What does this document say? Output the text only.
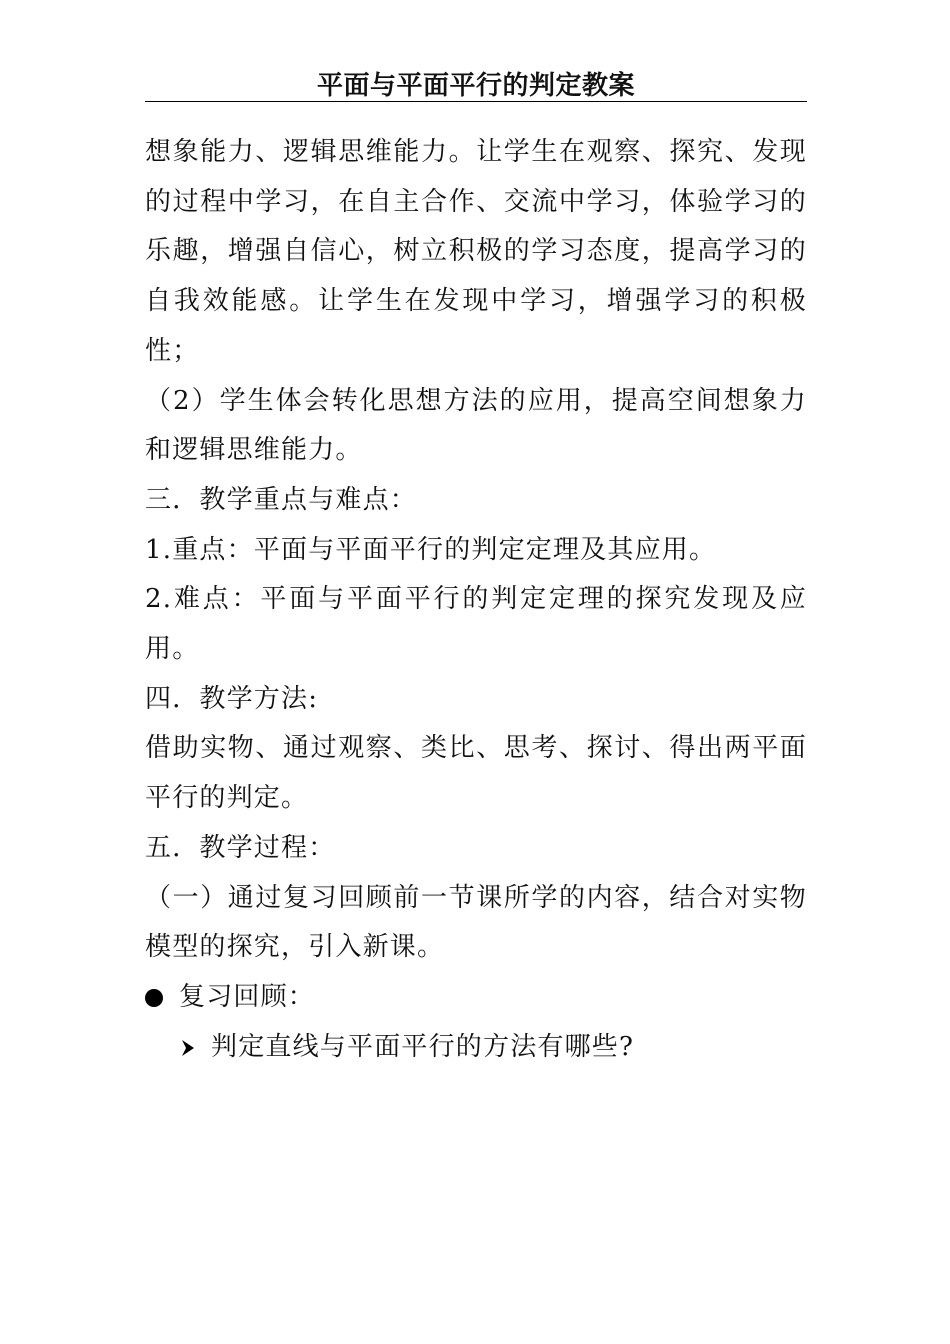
平面与平面平行的判定教案

想象能力、逻辑思维能力。让学生在观察、探究、发现的过程中学习，在自主合作、交流中学习，体验学习的乐趣，增强自信心，树立积极的学习态度，提高学习的自我效能感。让学生在发现中学习，增强学习的积极性；

（2）学生体会转化思想方法的应用，提高空间想象力和逻辑思维能力。

三．教学重点与难点：

1.重点：平面与平面平行的判定定理及其应用。

2.难点：平面与平面平行的判定定理的探究发现及应用。

四．教学方法:

借助实物、通过观察、类比、思考、探讨、得出两平面平行的判定。

五．教学过程：

（一）通过复习回顾前一节课所学的内容，结合对实物模型的探究，引入新课。

复习回顾：
判定直线与平面平行的方法有哪些?
